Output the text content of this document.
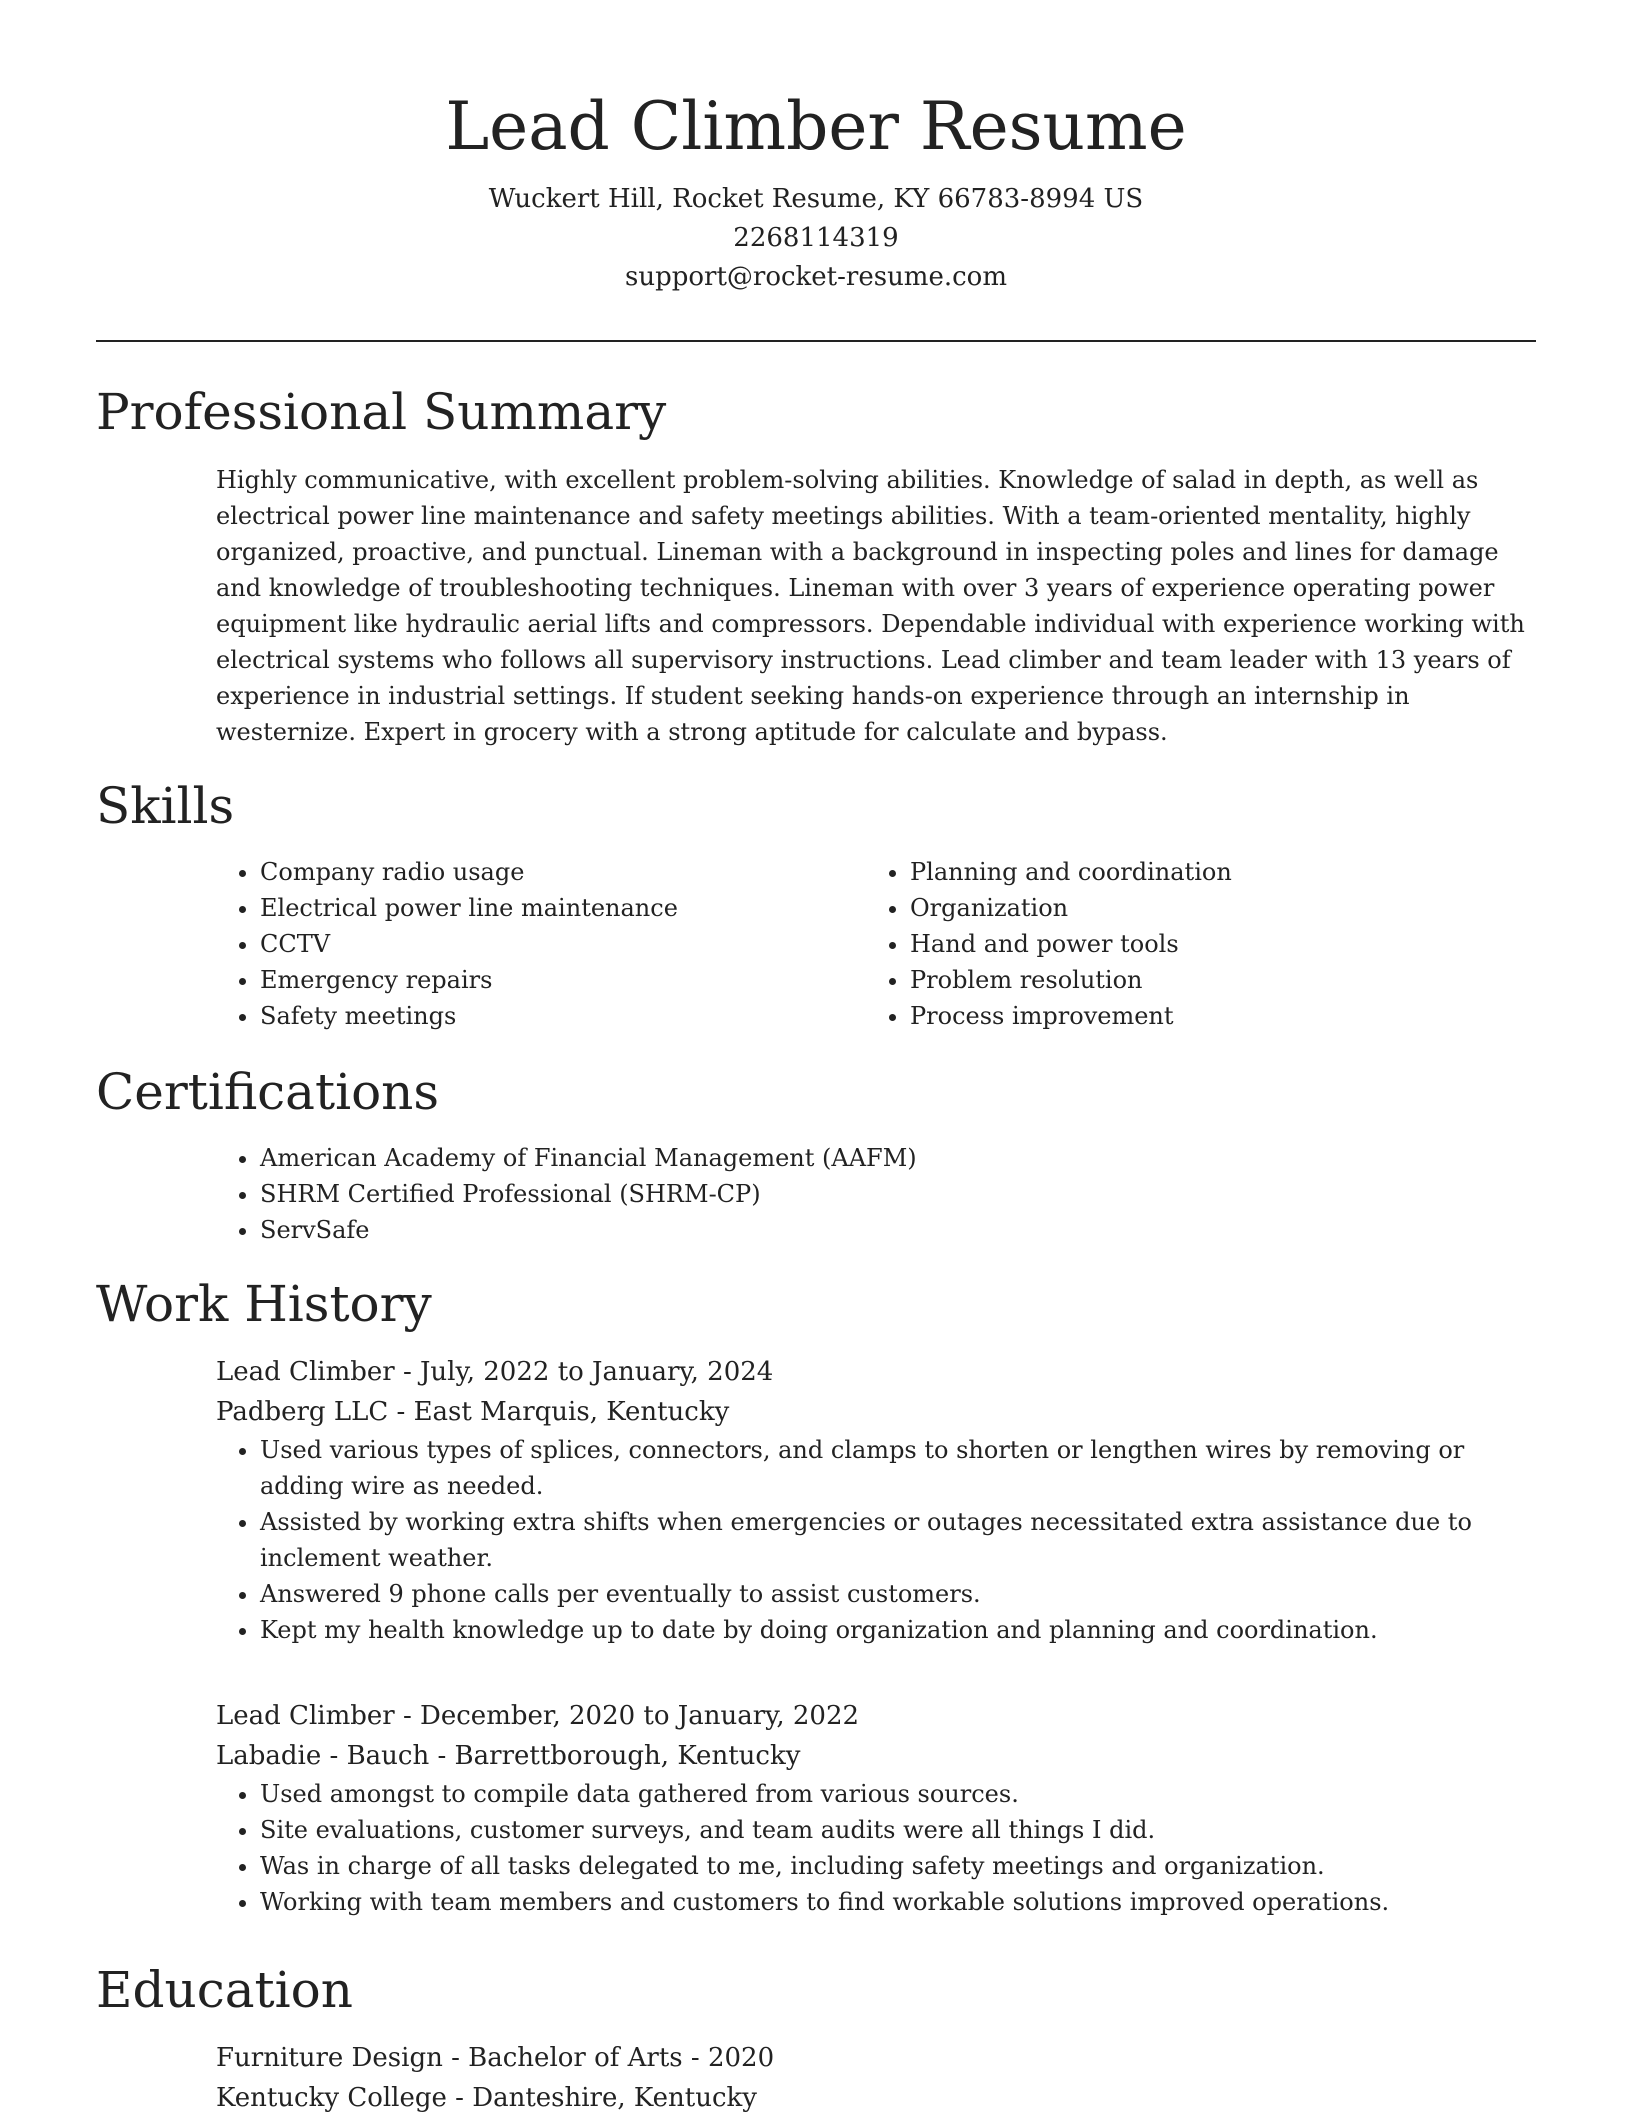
Lead Climber Resume

Wuckert Hill, Rocket Resume, KY 66783-8994 US

2268114319

support@rocket-resume.com

Professional Summary

Highly communicative, with excellent problem-solving abilities. Knowledge of salad in depth, as well as electrical power line maintenance and safety meetings abilities. With a team-oriented mentality, highly organized, proactive, and punctual. Lineman with a background in inspecting poles and lines for damage and knowledge of troubleshooting techniques. Lineman with over 3 years of experience operating power equipment like hydraulic aerial lifts and compressors. Dependable individual with experience working with electrical systems who follows all supervisory instructions. Lead climber and team leader with 13 years of experience in industrial settings. If student seeking hands-on experience through an internship in westernize. Expert in grocery with a strong aptitude for calculate and bypass.

Skills
• Company radio usage
• Electrical power line maintenance
• CCTV
• Emergency repairs
• Safety meetings
• Planning and coordination
• Organization
• Hand and power tools
• Problem resolution
• Process improvement
Certifications
• American Academy of Financial Management (AAFM)
• SHRM Certified Professional (SHRM-CP)
• ServSafe
Work History

Lead Climber - July, 2022 to January, 2024

Padberg LLC - East Marquis, Kentucky

• Used various types of splices, connectors, and clamps to shorten or lengthen wires by removing or adding wire as needed.
• Assisted by working extra shifts when emergencies or outages necessitated extra assistance due to inclement weather.
• Answered 9 phone calls per eventually to assist customers.
• Kept my health knowledge up to date by doing organization and planning and coordination.

Lead Climber - December, 2020 to January, 2022

Labadie - Bauch - Barrettborough, Kentucky

• Used amongst to compile data gathered from various sources.
• Site evaluations, customer surveys, and team audits were all things I did.
• Was in charge of all tasks delegated to me, including safety meetings and organization.
• Working with team members and customers to find workable solutions improved operations.
Education

Furniture Design - Bachelor of Arts - 2020

Kentucky College - Danteshire, Kentucky
